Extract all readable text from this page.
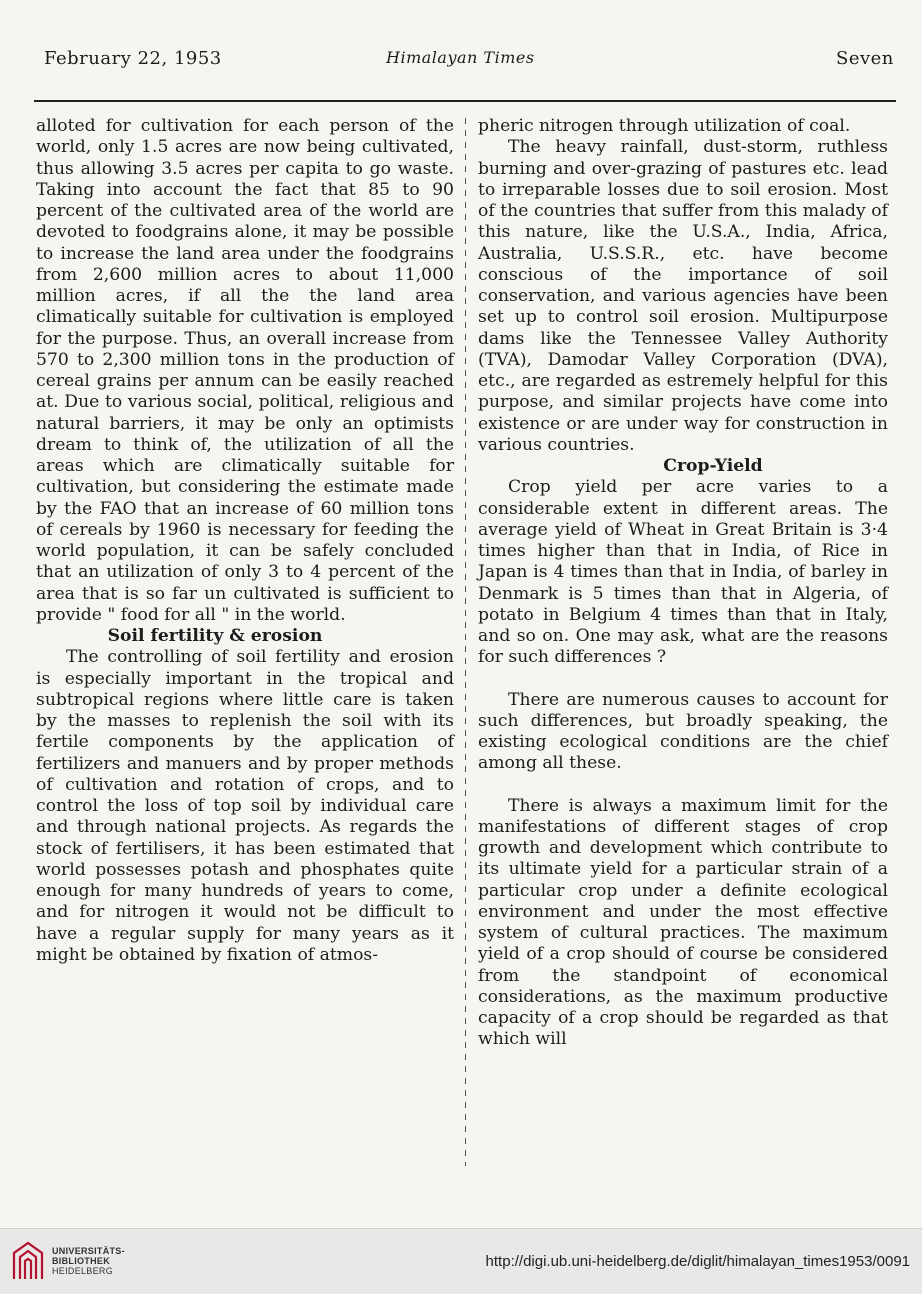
February 22, 1953	Himalayan Times	Seven

alloted for cultivation for each person of the world, only 1.5 acres are now being cultivated, thus allowing 3.5 acres per capita to go waste. Taking into account the fact that 85 to 90 percent of the cultivated area of the world are devoted to foodgrains alone, it may be possible to increase the land area under the foodgrains from 2,600 million acres to about 11,000 million acres, if all the the land area climatically suitable for cultivation is employed for the purpose. Thus, an overall increase from 570 to 2,300 million tons in the production of cereal grains per annum can be easily reached at. Due to various social, political, religious and natural barriers, it may be only an optimists dream to think of, the utilization of all the areas which are climatically suitable for cultivation, but considering the estimate made by the FAO that an increase of 60 million tons of cereals by 1960 is necessary for feeding the world population, it can be safely concluded that an utilization of only 3 to 4 percent of the area that is so far un cultivated is sufficient to provide " food for all " in the world.

Soil fertility & erosion

The controlling of soil fertility and erosion is especially important in the tropical and subtropical regions where little care is taken by the masses to replenish the soil with its fertile components by the application of fertilizers and manuers and by proper methods of cultivation and rotation of crops, and to control the loss of top soil by individual care and through national projects. As regards the stock of fertilisers, it has been estimated that world possesses potash and phosphates quite enough for many hundreds of years to come, and for nitrogen it would not be difficult to have a regular supply for many years as it might be obtained by fixation of atmos-

pheric nitrogen through utilization of coal.

The heavy rainfall, dust-storm, ruthless burning and over-grazing of pastures etc. lead to irreparable losses due to soil erosion. Most of the countries that suffer from this malady of this nature, like the U.S.A., India, Africa, Australia, U.S.S.R., etc. have become conscious of the importance of soil conservation, and various agencies have been set up to control soil erosion. Multipurpose dams like the Tennessee Valley Authority (TVA), Damodar Valley Corporation (DVA), etc., are regarded as estremely helpful for this purpose, and similar projects have come into existence or are under way for construction in various countries.

Crop-Yield

Crop yield per acre varies to a considerable extent in different areas. The average yield of Wheat in Great Britain is 3·4 times higher than that in India, of Rice in Japan is 4 times than that in India, of barley in Denmark is 5 times than that in Algeria, of potato in Belgium 4 times than that in Italy, and so on. One may ask, what are the reasons for such differences ?

There are numerous causes to account for such differences, but broadly speaking, the existing ecological conditions are the chief among all these.

There is always a maximum limit for the manifestations of different stages of crop growth and development which contribute to its ultimate yield for a particular strain of a particular crop under a definite ecological environment and under the most effective system of cultural practices. The maximum yield of a crop should of course be considered from the standpoint of economical considerations, as the maximum productive capacity of a crop should be regarded as that which will

UNIVERSITÄTS-
BIBLIOTHEK
HEIDELBERG
http://digi.ub.uni-heidelberg.de/diglit/himalayan_times1953/0091
